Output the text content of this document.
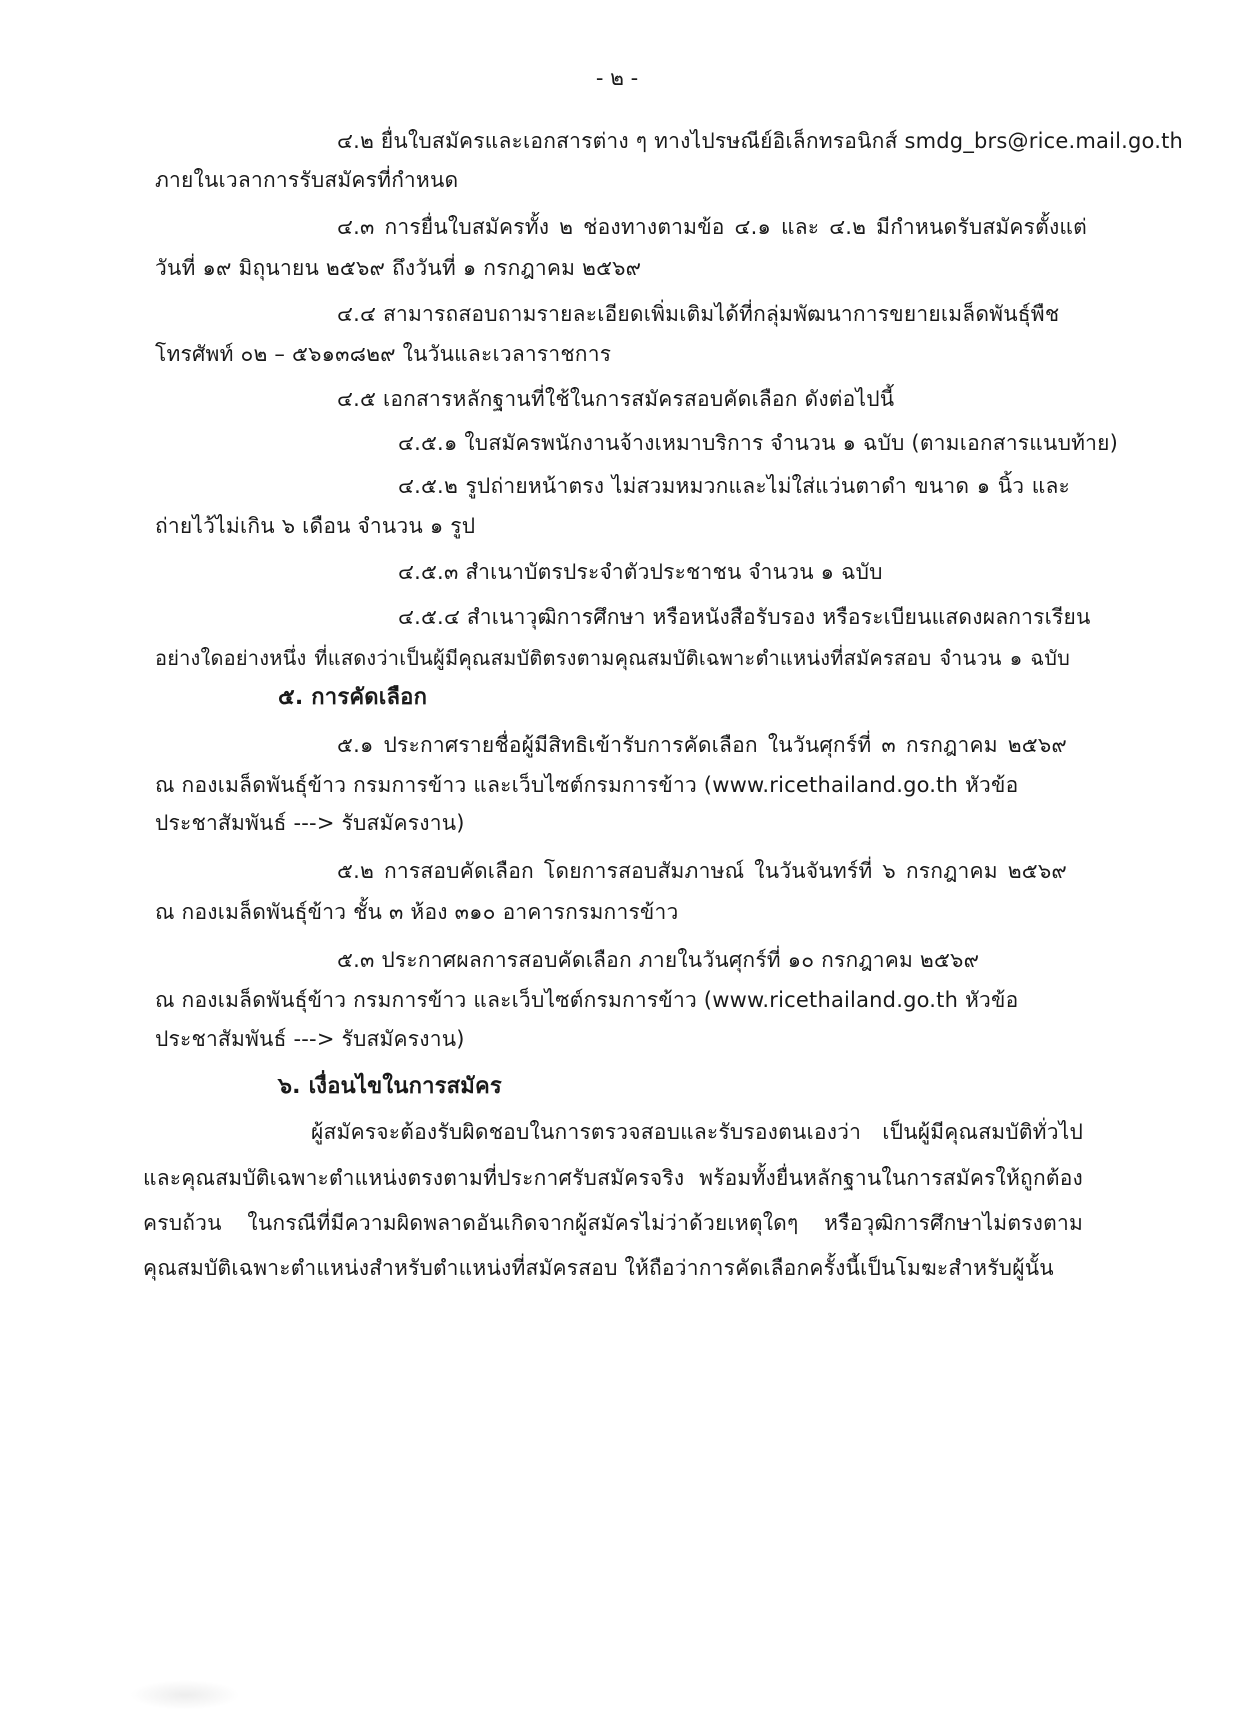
- ๒ -
๔.๒ ยื่นใบสมัครและเอกสารต่าง ๆ ทางไปรษณีย์อิเล็กทรอนิกส์ smdg_brs@rice.mail.go.th
ภายในเวลาการรับสมัครที่กำหนด
๔.๓ การยื่นใบสมัครทั้ง ๒ ช่องทางตามข้อ ๔.๑ และ ๔.๒ มีกำหนดรับสมัครตั้งแต่
วันที่ ๑๙ มิถุนายน ๒๕๖๙ ถึงวันที่ ๑ กรกฎาคม ๒๕๖๙
๔.๔ สามารถสอบถามรายละเอียดเพิ่มเติมได้ที่กลุ่มพัฒนาการขยายเมล็ดพันธุ์พืช
โทรศัพท์ ๐๒ – ๕๖๑๓๘๒๙ ในวันและเวลาราชการ
๔.๕ เอกสารหลักฐานที่ใช้ในการสมัครสอบคัดเลือก ดังต่อไปนี้
๔.๕.๑ ใบสมัครพนักงานจ้างเหมาบริการ จำนวน ๑ ฉบับ (ตามเอกสารแนบท้าย)
๔.๕.๒ รูปถ่ายหน้าตรง ไม่สวมหมวกและไม่ใส่แว่นตาดำ ขนาด ๑ นิ้ว และ
ถ่ายไว้ไม่เกิน ๖ เดือน จำนวน ๑ รูป
๔.๕.๓ สำเนาบัตรประจำตัวประชาชน จำนวน ๑ ฉบับ
๔.๕.๔ สำเนาวุฒิการศึกษา หรือหนังสือรับรอง หรือระเบียนแสดงผลการเรียน
อย่างใดอย่างหนึ่ง ที่แสดงว่าเป็นผู้มีคุณสมบัติตรงตามคุณสมบัติเฉพาะตำแหน่งที่สมัครสอบ จำนวน ๑ ฉบับ
๕. การคัดเลือก
๕.๑ ประกาศรายชื่อผู้มีสิทธิเข้ารับการคัดเลือก ในวันศุกร์ที่ ๓ กรกฎาคม ๒๕๖๙
ณ กองเมล็ดพันธุ์ข้าว กรมการข้าว และเว็บไซต์กรมการข้าว (www.ricethailand.go.th หัวข้อ
ประชาสัมพันธ์ ---> รับสมัครงาน)
๕.๒ การสอบคัดเลือก โดยการสอบสัมภาษณ์ ในวันจันทร์ที่ ๖ กรกฎาคม ๒๕๖๙
ณ กองเมล็ดพันธุ์ข้าว ชั้น ๓ ห้อง ๓๑๐ อาคารกรมการข้าว
๕.๓ ประกาศผลการสอบคัดเลือก ภายในวันศุกร์ที่ ๑๐ กรกฎาคม ๒๕๖๙
ณ กองเมล็ดพันธุ์ข้าว กรมการข้าว และเว็บไซต์กรมการข้าว (www.ricethailand.go.th หัวข้อ
ประชาสัมพันธ์ ---> รับสมัครงาน)
๖. เงื่อนไขในการสมัคร
ผู้สมัครจะต้องรับผิดชอบในการตรวจสอบและรับรองตนเองว่า เป็นผู้มีคุณสมบัติทั่วไป
และคุณสมบัติเฉพาะตำแหน่งตรงตามที่ประกาศรับสมัครจริง พร้อมทั้งยื่นหลักฐานในการสมัครให้ถูกต้อง
ครบถ้วน ในกรณีที่มีความผิดพลาดอันเกิดจากผู้สมัครไม่ว่าด้วยเหตุใดๆ หรือวุฒิการศึกษาไม่ตรงตาม
คุณสมบัติเฉพาะตำแหน่งสำหรับตำแหน่งที่สมัครสอบ ให้ถือว่าการคัดเลือกครั้งนี้เป็นโมฆะสำหรับผู้นั้น
